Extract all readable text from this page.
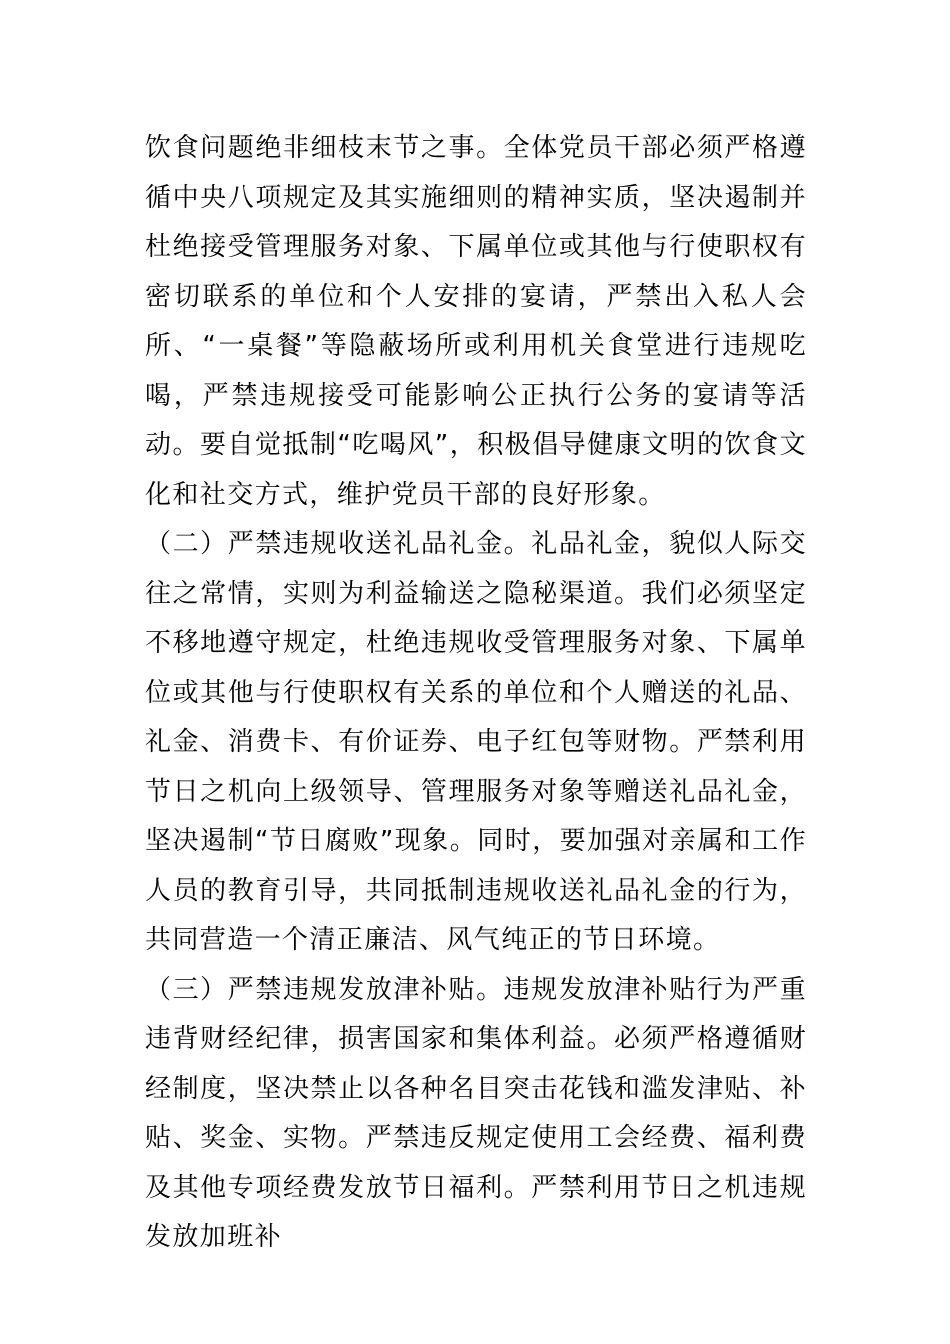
饮食问题绝非细枝末节之事。全体党员干部必须严格遵循中央八项规定及其实施细则的精神实质，坚决遏制并杜绝接受管理服务对象、下属单位或其他与行使职权有密切联系的单位和个人安排的宴请，严禁出入私人会所、“一桌餐”等隐蔽场所或利用机关食堂进行违规吃喝，严禁违规接受可能影响公正执行公务的宴请等活动。要自觉抵制“吃喝风”，积极倡导健康文明的饮食文化和社交方式，维护党员干部的良好形象。

（二）严禁违规收送礼品礼金。礼品礼金，貌似人际交往之常情，实则为利益输送之隐秘渠道。我们必须坚定不移地遵守规定，杜绝违规收受管理服务对象、下属单位或其他与行使职权有关系的单位和个人赠送的礼品、礼金、消费卡、有价证券、电子红包等财物。严禁利用节日之机向上级领导、管理服务对象等赠送礼品礼金，坚决遏制“节日腐败”现象。同时，要加强对亲属和工作人员的教育引导，共同抵制违规收送礼品礼金的行为，共同营造一个清正廉洁、风气纯正的节日环境。

（三）严禁违规发放津补贴。违规发放津补贴行为严重违背财经纪律，损害国家和集体利益。必须严格遵循财经制度，坚决禁止以各种名目突击花钱和滥发津贴、补贴、奖金、实物。严禁违反规定使用工会经费、福利费及其他专项经费发放节日福利。严禁利用节日之机违规发放加班补
